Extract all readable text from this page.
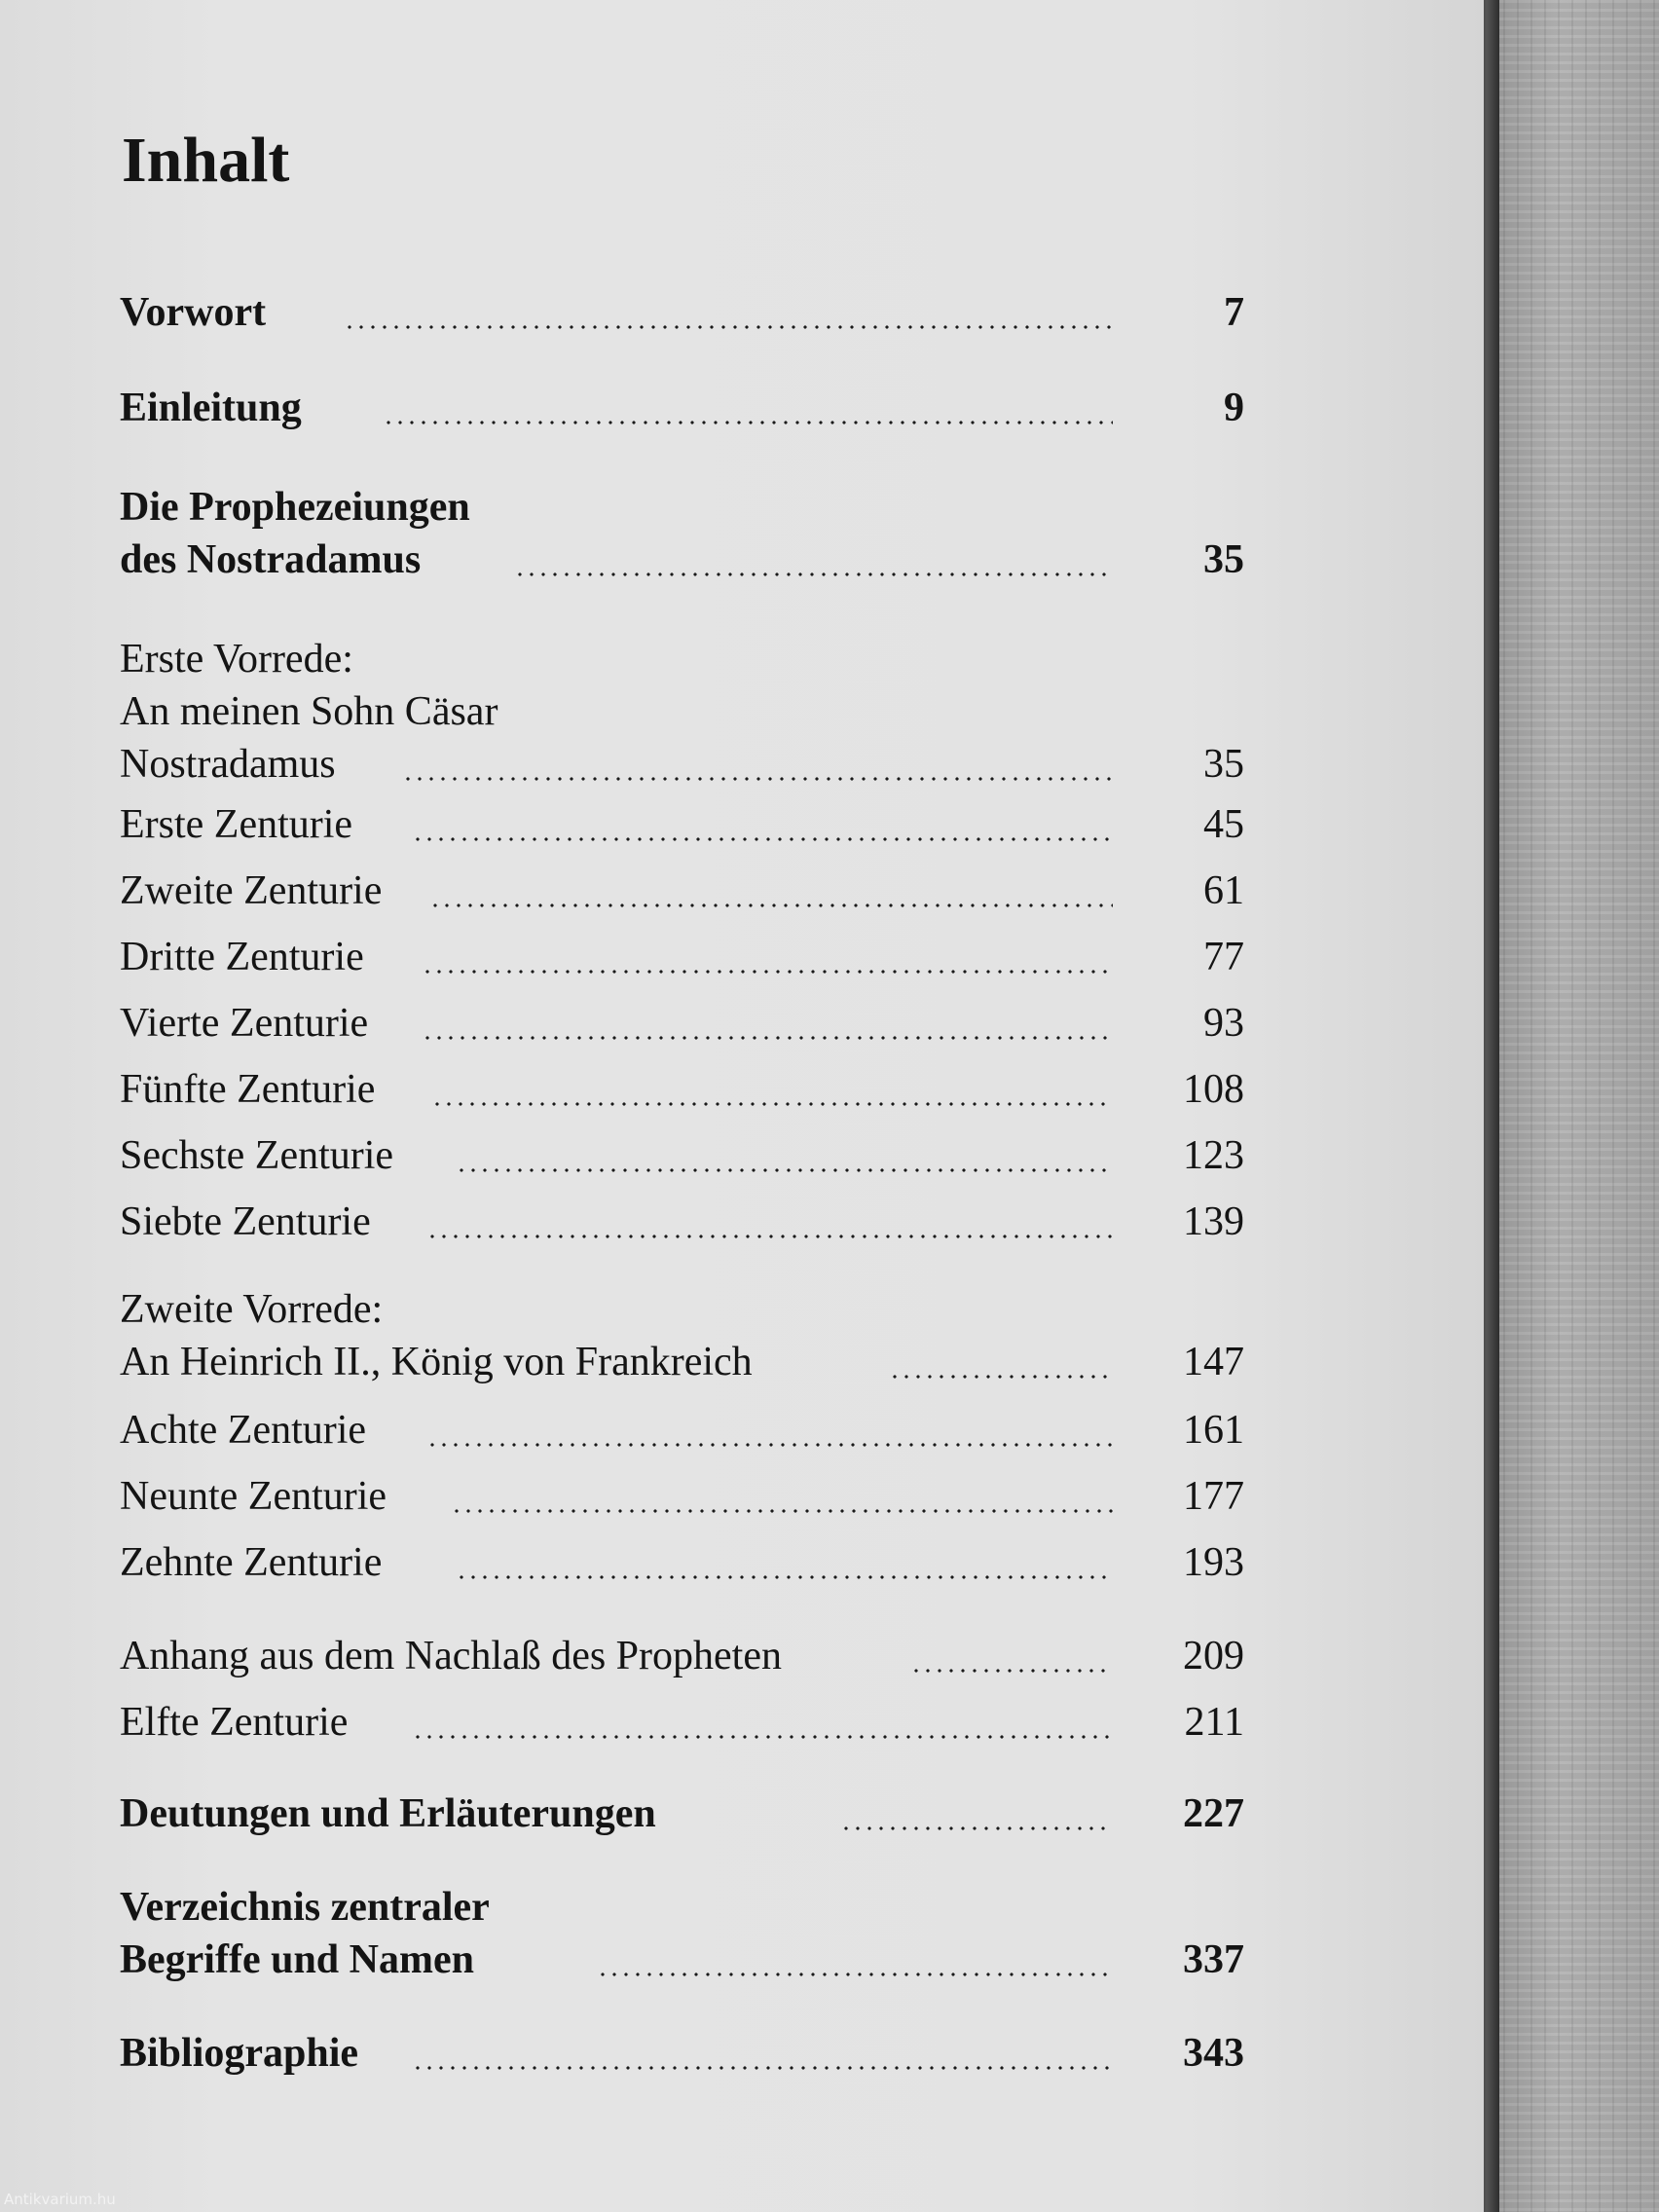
Inhalt
Vorwort	7
Einleitung	9
Die Prophezeiungen
des Nostradamus	35
Erste Vorrede:
An meinen Sohn Cäsar
Nostradamus	35
Erste Zenturie	45
Zweite Zenturie	61
Dritte Zenturie	77
Vierte Zenturie	93
Fünfte Zenturie	108
Sechste Zenturie	123
Siebte Zenturie	139
Zweite Vorrede:
An Heinrich II., König von Frankreich	147
Achte Zenturie	161
Neunte Zenturie	177
Zehnte Zenturie	193
Anhang aus dem Nachlaß des Propheten	209
Elfte Zenturie	211
Deutungen und Erläuterungen	227
Verzeichnis zentraler
Begriffe und Namen	337
Bibliographie	343
Antikvarium.hu
